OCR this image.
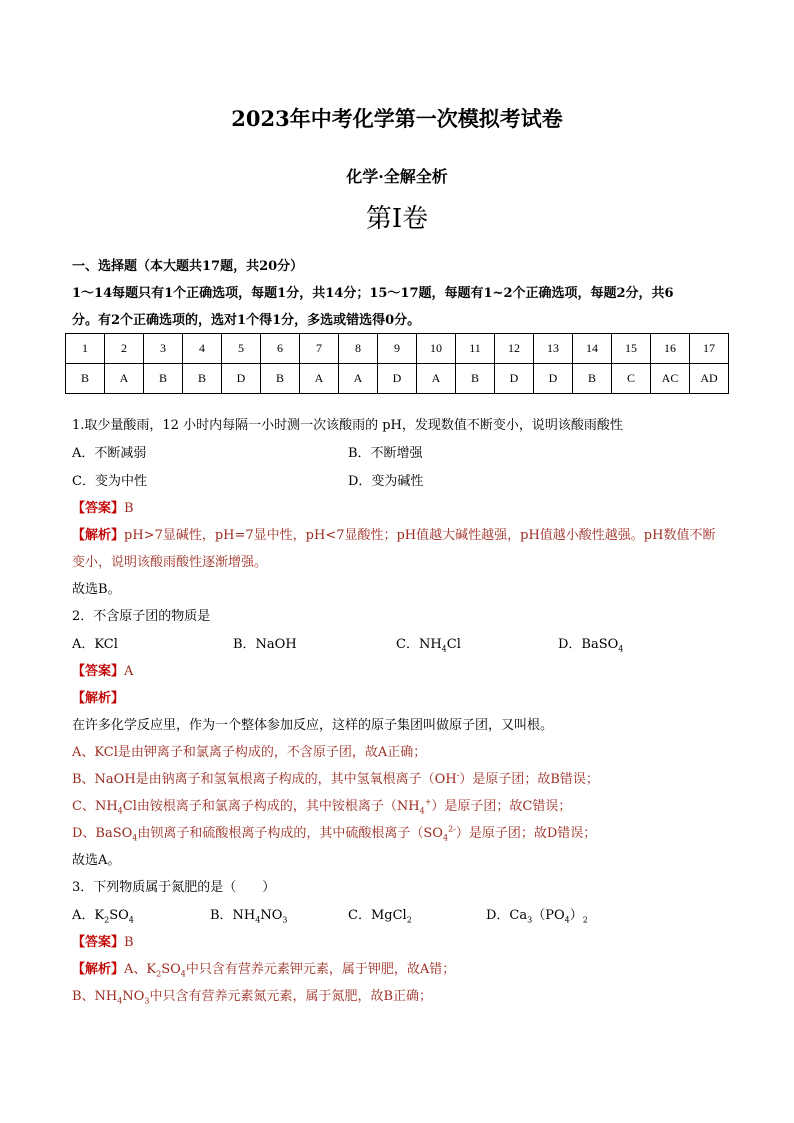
2023年中考化学第一次模拟考试卷
化学·全解全析
第Ⅰ卷
一、选择题（本大题共17题，共20分）
1～14每题只有1个正确选项，每题1分，共14分；15～17题，每题有1~2个正确选项，每题2分，共6
分。有2个正确选项的，选对1个得1分，多选或错选得0分。
1	2	3	4	5	6	7	8	9	10	11	12	13	14	15	16	17
B	A	B	B	D	B	A	A	D	A	B	D	D	B	C	AC	AD
1.取少量酸雨，12 小时内每隔一小时测一次该酸雨的 pH，发现数值不断变小，说明该酸雨酸性
A．不断减弱	B．不断增强
C．变为中性	D．变为碱性
【答案】B
【解析】pH>7显碱性，pH=7显中性，pH<7显酸性；pH值越大碱性越强，pH值越小酸性越强。pH数值不断
变小，说明该酸雨酸性逐渐增强。
故选B。
2．不含原子团的物质是
A．KCl	B．NaOH	C．$NH_4Cl$	D．BaSO$_4$
【答案】A
【解析】
在许多化学反应里，作为一个整体参加反应，这样的原子集团叫做原子团，又叫根。
A、KCl是由钾离子和氯离子构成的，不含原子团，故A正确；
B、NaOH是由钠离子和氢氧根离子构成的，其中氢氧根离子（OH-）是原子团；故B错误；
C、$NH_4Cl$由铵根离子和氯离子构成的，其中铵根离子$(NH_4^+)$是原子团；故C错误；
D、BaSO$_4$由钡离子和硫酸根离子构成的，其中硫酸根离子$(SO_4^{2-})$是原子团；故D错误；
故选A。
3．下列物质属于氮肥的是（　　）
A．$K_2SO_4$	B．$NH_4NO_3$	C．MgCl$_2$	D．$Ca_3(PO_4)_2$
【答案】B
【解析】A、$K_2SO_4$中只含有营养元素钾元素，属于钾肥，故A错；
B、$NH_4NO_3$中只含有营养元素氮元素，属于氮肥，故B正确；
